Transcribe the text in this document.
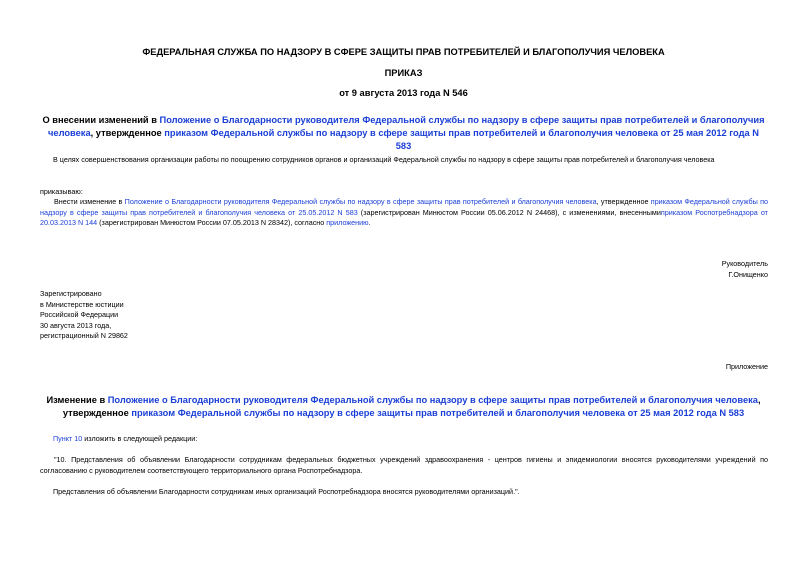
ФЕДЕРАЛЬНАЯ СЛУЖБА ПО НАДЗОРУ В СФЕРЕ ЗАЩИТЫ ПРАВ ПОТРЕБИТЕЛЕЙ И БЛАГОПОЛУЧИЯ ЧЕЛОВЕКА
ПРИКАЗ
от 9 августа 2013 года N 546
О внесении изменений в Положение о Благодарности руководителя Федеральной службы по надзору в сфере защиты прав потребителей и благополучия человека, утвержденное приказом Федеральной службы по надзору в сфере защиты прав потребителей и благополучия человека от 25 мая 2012 года N 583
В целях совершенствования организации работы по поощрению сотрудников органов и организаций Федеральной службы по надзору в сфере защиты прав потребителей и благополучия человека
приказываю:
Внести изменение в Положение о Благодарности руководителя Федеральной службы по надзору в сфере защиты прав потребителей и благополучия человека, утвержденное приказом Федеральной службы по надзору в сфере защиты прав потребителей и благополучия человека от 25.05.2012 N 583 (зарегистрирован Минюстом России 05.06.2012 N 24468), с изменениями, внесеннымиприказом Роспотребнадзора от 20.03.2013 N 144 (зарегистрирован Минюстом России 07.05.2013 N 28342), согласно приложению.
Руководитель
Г.Онищенко
Зарегистрировано
в Министерстве юстиции
Российской Федерации
30 августа 2013 года,
регистрационный N 29862
Приложение
Изменение в Положение о Благодарности руководителя Федеральной службы по надзору в сфере защиты прав потребителей и благополучия человека, утвержденное приказом Федеральной службы по надзору в сфере защиты прав потребителей и благополучия человека от 25 мая 2012 года N 583
Пункт 10 изложить в следующей редакции:
"10. Представления об объявлении Благодарности сотрудникам федеральных бюджетных учреждений здравоохранения - центров гигиены и эпидемиологии вносятся руководителями учреждений по согласованию с руководителем соответствующего территориального органа Роспотребнадзора.
Представления об объявлении Благодарности сотрудникам иных организаций Роспотребнадзора вносятся руководителями организаций.".
